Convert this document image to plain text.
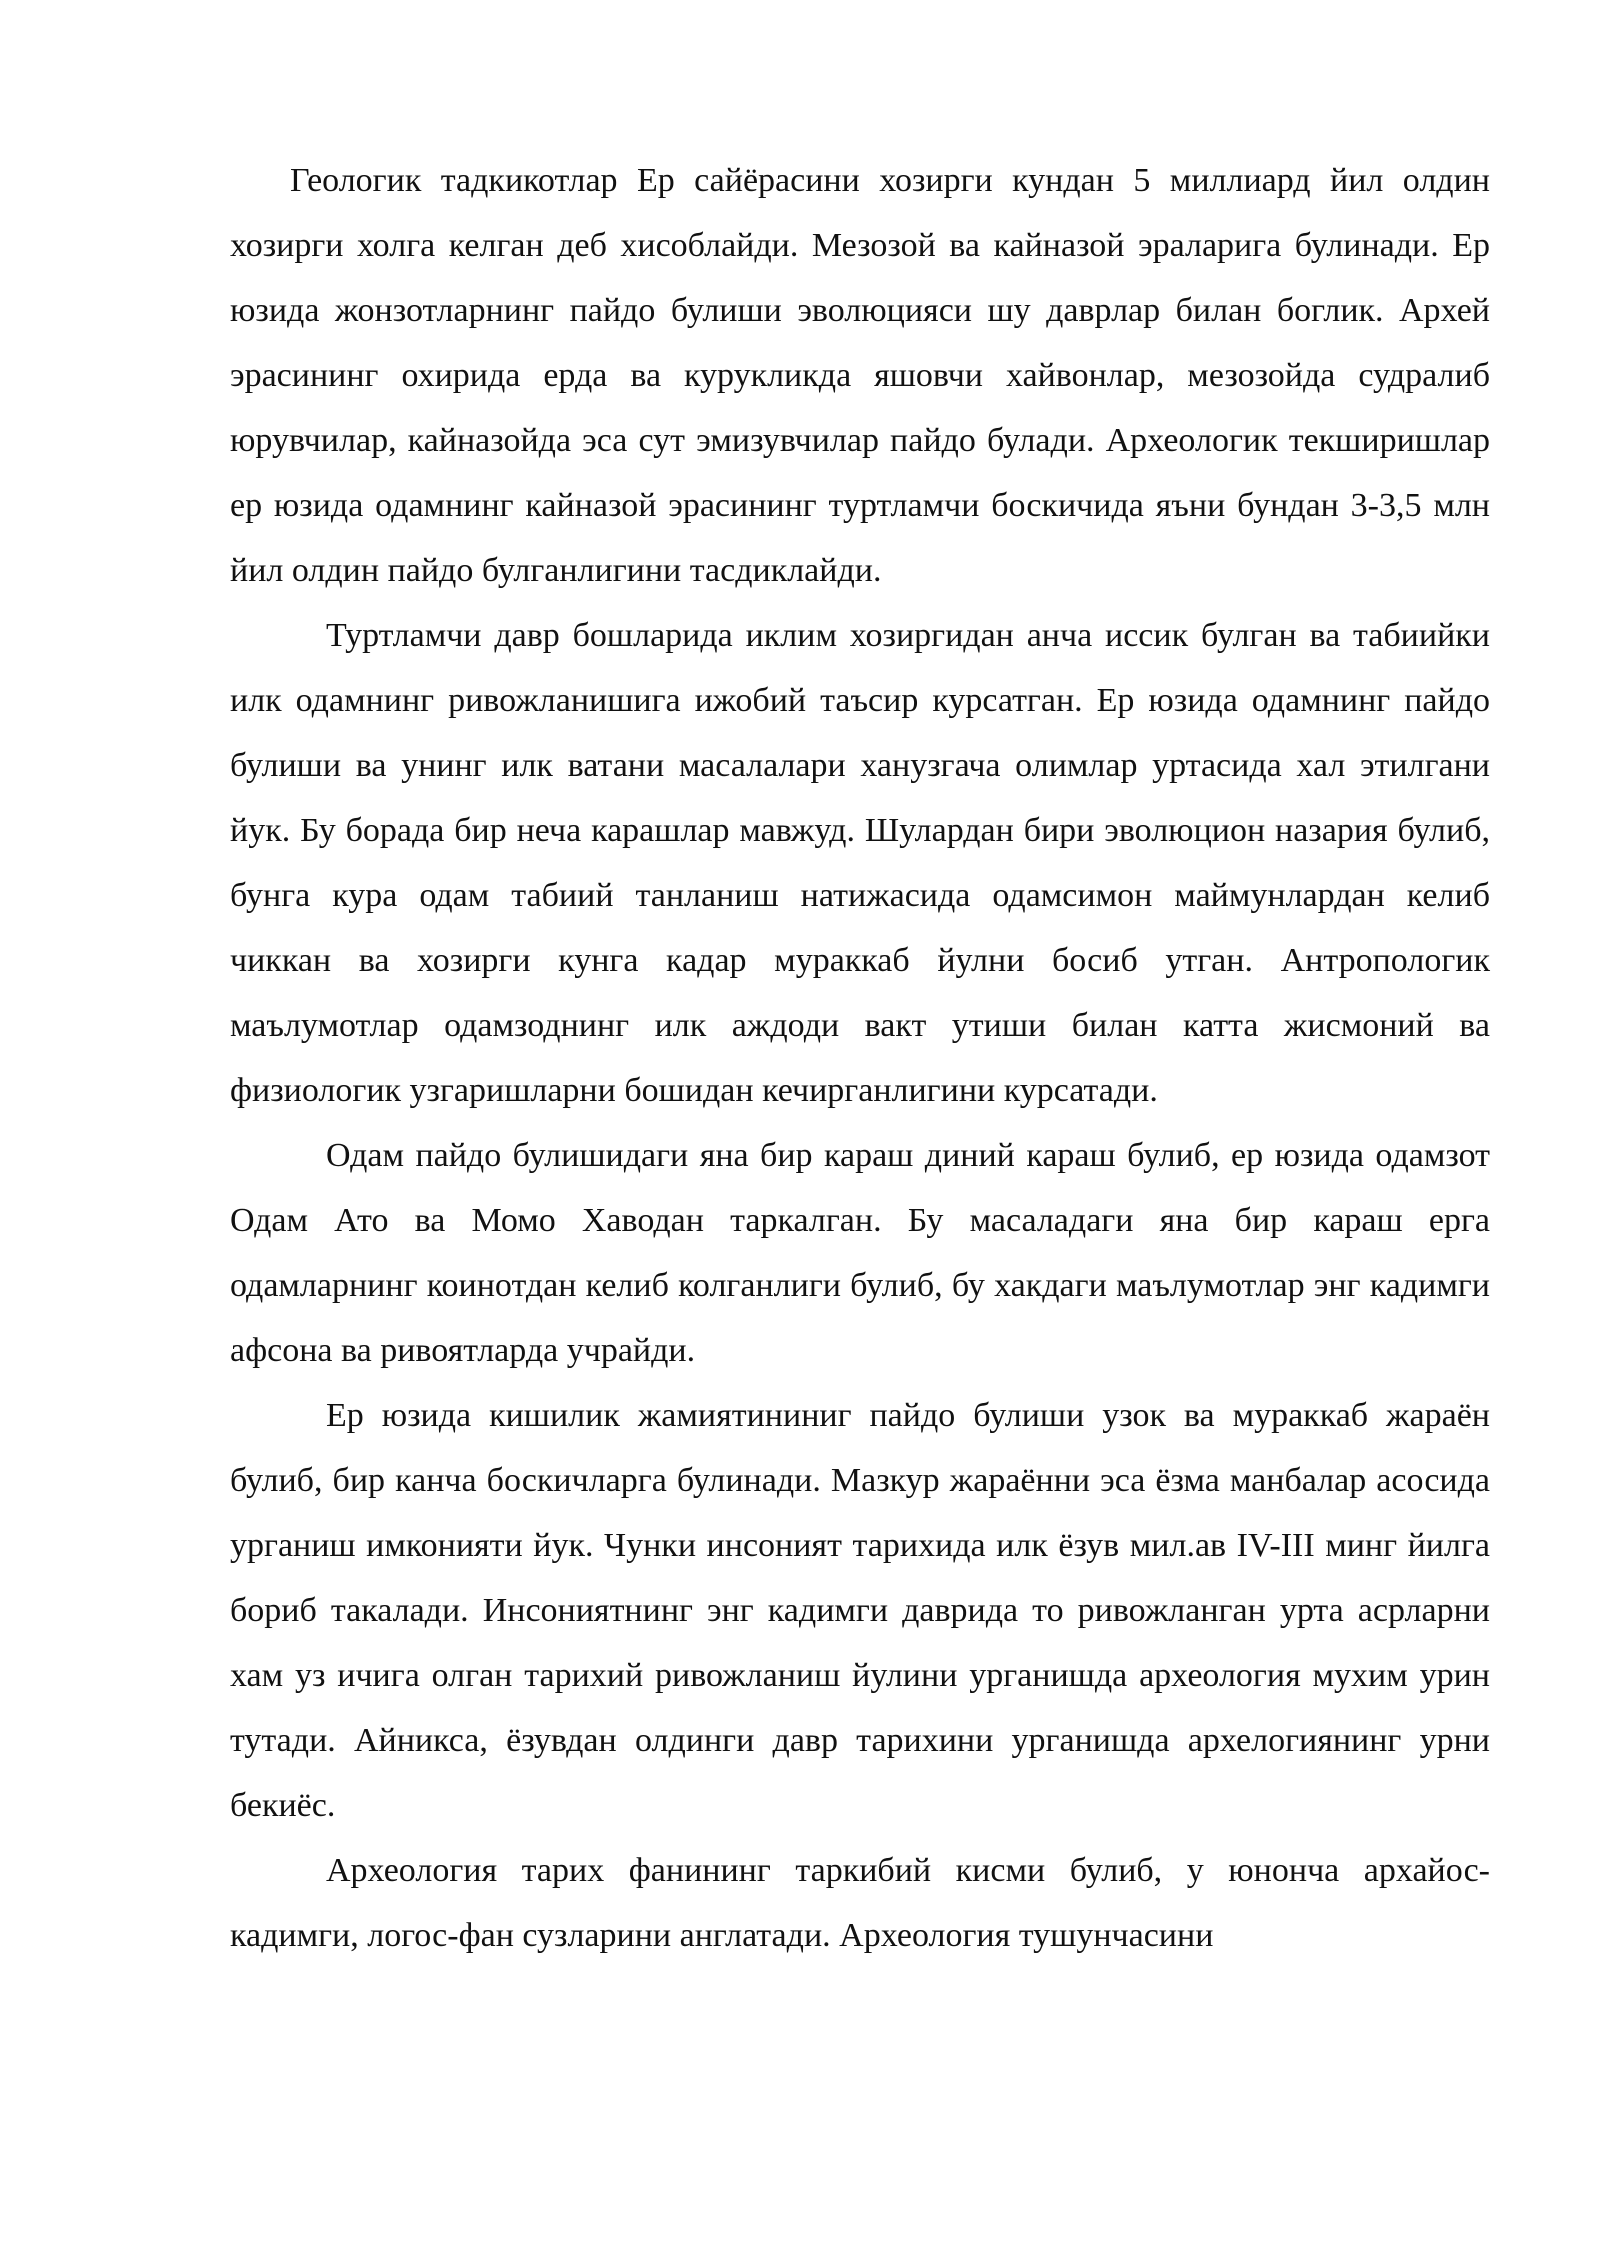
Геологик тадкикотлар Ер сайёрасини хозирги кундан 5 миллиард йил олдин хозирги холга келган деб хисоблайди. Мезозой ва кайназой эраларига булинади. Ер юзида жонзотларнинг пайдо булиши эволюцияси шу даврлар билан боглик. Архей эрасининг охирида ерда ва курукликда яшовчи хайвонлар, мезозойда судралиб юрувчилар, кайназойда эса сут эмизувчилар пайдо булади. Археологик текширишлар ер юзида одамнинг кайназой эрасининг туртламчи боскичида яъни бундан 3-3,5 млн йил олдин пайдо булганлигини тасдиклайди.

Туртламчи давр бошларида иклим хозиргидан анча иссик булган ва табиийки илк одамнинг ривожланишига ижобий таъсир курсатган. Ер юзида одамнинг пайдо булиши ва унинг илк ватани масалалари ханузгача олимлар уртасида хал этилгани йук. Бу борада бир неча карашлар мавжуд. Шулардан бири эволюцион назария булиб, бунга кура одам табиий танланиш натижасида одамсимон маймунлардан келиб чиккан ва хозирги кунга кадар мураккаб йулни босиб утган. Антропологик маълумотлар одамзоднинг илк аждоди вакт утиши билан катта жисмоний ва физиологик узгаришларни бошидан кечирганлигини курсатади.

Одам пайдо булишидаги яна бир караш диний караш булиб, ер юзида одамзот Одам Ато ва Момо Хаводан таркалган. Бу масаладаги яна бир караш ерга одамларнинг коинотдан келиб колганлиги булиб, бу хакдаги маълумотлар энг кадимги афсона ва ривоятларда учрайди.

Ер юзида кишилик жамиятининиг пайдо булиши узок ва мураккаб жараён булиб, бир канча боскичларга булинади. Мазкур жараённи эса ёзма манбалар асосида урганиш имконияти йук. Чунки инсоният тарихида илк ёзув мил.ав IV-III минг йилга бориб такалади. Инсониятнинг энг кадимги даврида то ривожланган урта асрларни хам уз ичига олган тарихий ривожланиш йулини урганишда археология мухим урин тутади. Айникса, ёзувдан олдинги давр тарихини урганишда архелогиянинг урни бекиёс.

Археология тарих фанининг таркибий кисми булиб, у юнонча архайос-кадимги, логос-фан сузларини англатади. Археология тушунчасини
